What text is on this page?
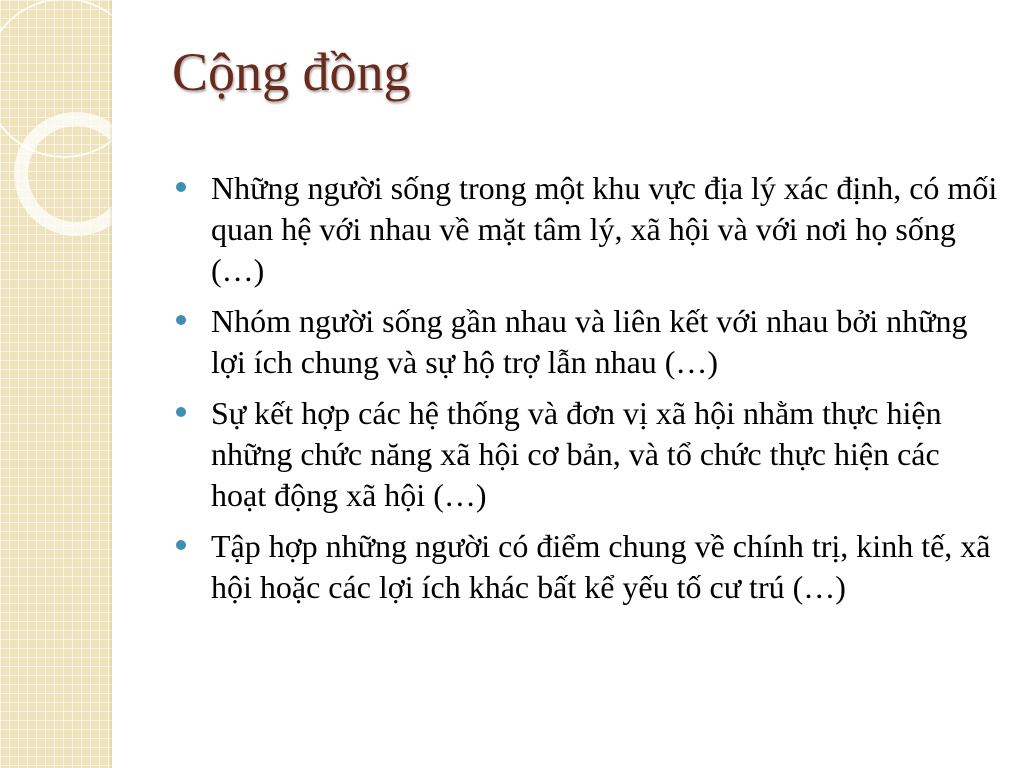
Cộng đồng
Những người sống trong một khu vực địa lý xác định, có mối quan hệ với nhau về mặt tâm lý, xã hội và với nơi họ sống (…)
Nhóm người sống gần nhau và liên kết với nhau bởi những lợi ích chung và sự hộ trợ lẫn nhau (…)
Sự kết hợp các hệ thống và đơn vị xã hội nhằm thực hiện những chức năng xã hội cơ bản, và tổ chức thực hiện các hoạt động xã hội (…)
Tập hợp những người có điểm chung về chính trị, kinh tế, xã hội hoặc các lợi ích khác bất kể yếu tố cư trú (…)
